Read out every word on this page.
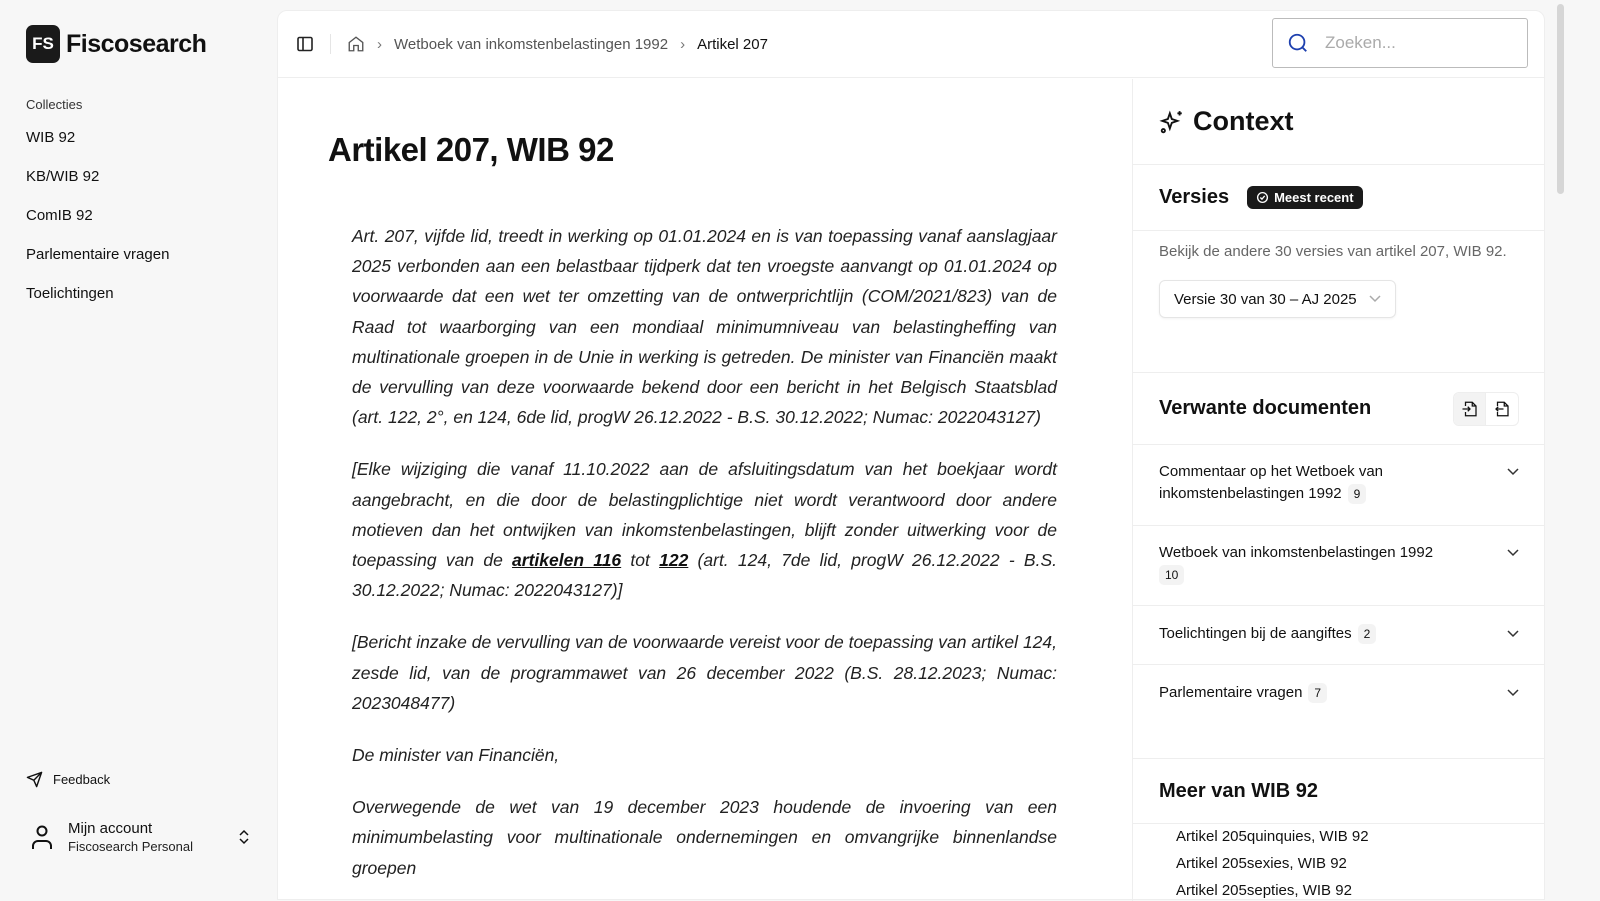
FS Fiscosearch
Collecties
WIB 92
KB/WIB 92
ComIB 92
Parlementaire vragen
Toelichtingen
Feedback
Mijn account
Fiscosearch Personal
› Wetboek van inkomstenbelastingen 1992 › Artikel 207
Zoeken...
Artikel 207, WIB 92

Art. 207, vijfde lid, treedt in werking op 01.01.2024 en is van toepassing vanaf aanslagjaar 2025 verbonden aan een belastbaar tijdperk dat ten vroegste aanvangt op 01.01.2024 op voorwaarde dat een wet ter omzetting van de ontwerprichtlijn (COM/2021/823) van de Raad tot waarborging van een mondiaal minimumniveau van belastingheffing van multinationale groepen in de Unie in werking is getreden. De minister van Financiën maakt de vervulling van deze voorwaarde bekend door een bericht in het Belgisch Staatsblad (art. 122, 2°, en 124, 6de lid, progW 26.12.2022 - B.S. 30.12.2022; Numac: 2022043127)

[Elke wijziging die vanaf 11.10.2022 aan de afsluitingsdatum van het boekjaar wordt aangebracht, en die door de belastingplichtige niet wordt verantwoord door andere motieven dan het ontwijken van inkomstenbelastingen, blijft zonder uitwerking voor de toepassing van de artikelen 116 tot 122 (art. 124, 7de lid, progW 26.12.2022 - B.S. 30.12.2022; Numac: 2022043127)]

[Bericht inzake de vervulling van de voorwaarde vereist voor de toepassing van artikel 124, zesde lid, van de programmawet van 26 december 2022 (B.S. 28.12.2023; Numac: 2023048477)

De minister van Financiën,

Overwegende de wet van 19 december 2023 houdende de invoering van een minimumbelasting voor multinationale ondernemingen en omvangrijke binnenlandse groepen

Context
Versies	Meest recent
Bekijk de andere 30 versies van artikel 207, WIB 92.
Versie 30 van 30 – AJ 2025
Verwante documenten
Commentaar op het Wetboek van inkomstenbelastingen 1992 9
Wetboek van inkomstenbelastingen 1992
10
Toelichtingen bij de aangiftes 2
Parlementaire vragen 7
Meer van WIB 92
Artikel 205quinquies, WIB 92
Artikel 205sexies, WIB 92
Artikel 205septies, WIB 92
